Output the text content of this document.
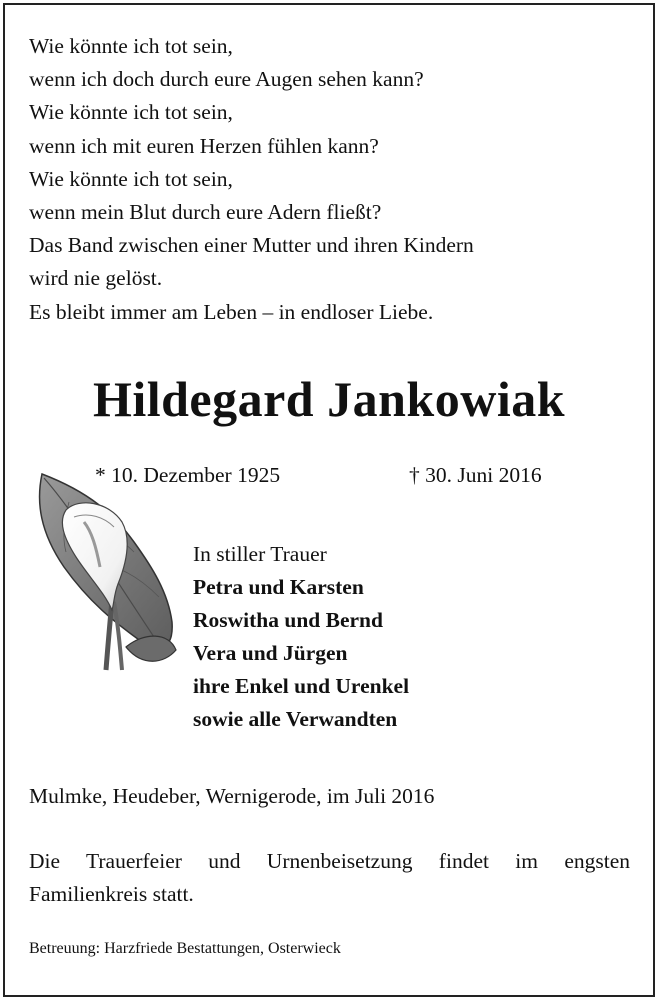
Wie könnte ich tot sein,
wenn ich doch durch eure Augen sehen kann?
Wie könnte ich tot sein,
wenn ich mit euren Herzen fühlen kann?
Wie könnte ich tot sein,
wenn mein Blut durch eure Adern fließt?
Das Band zwischen einer Mutter und ihren Kindern
wird nie gelöst.
Es bleibt immer am Leben – in endloser Liebe.
Hildegard Jankowiak
* 10. Dezember 1925	† 30. Juni 2016
In stiller Trauer
Petra und Karsten
Roswitha und Bernd
Vera und Jürgen
ihre Enkel und Urenkel
sowie alle Verwandten
Mulmke, Heudeber, Wernigerode, im Juli 2016
Die Trauerfeier und Urnenbeisetzung findet im engsten
Familienkreis statt.
Betreuung: Harzfriede Bestattungen, Osterwieck
